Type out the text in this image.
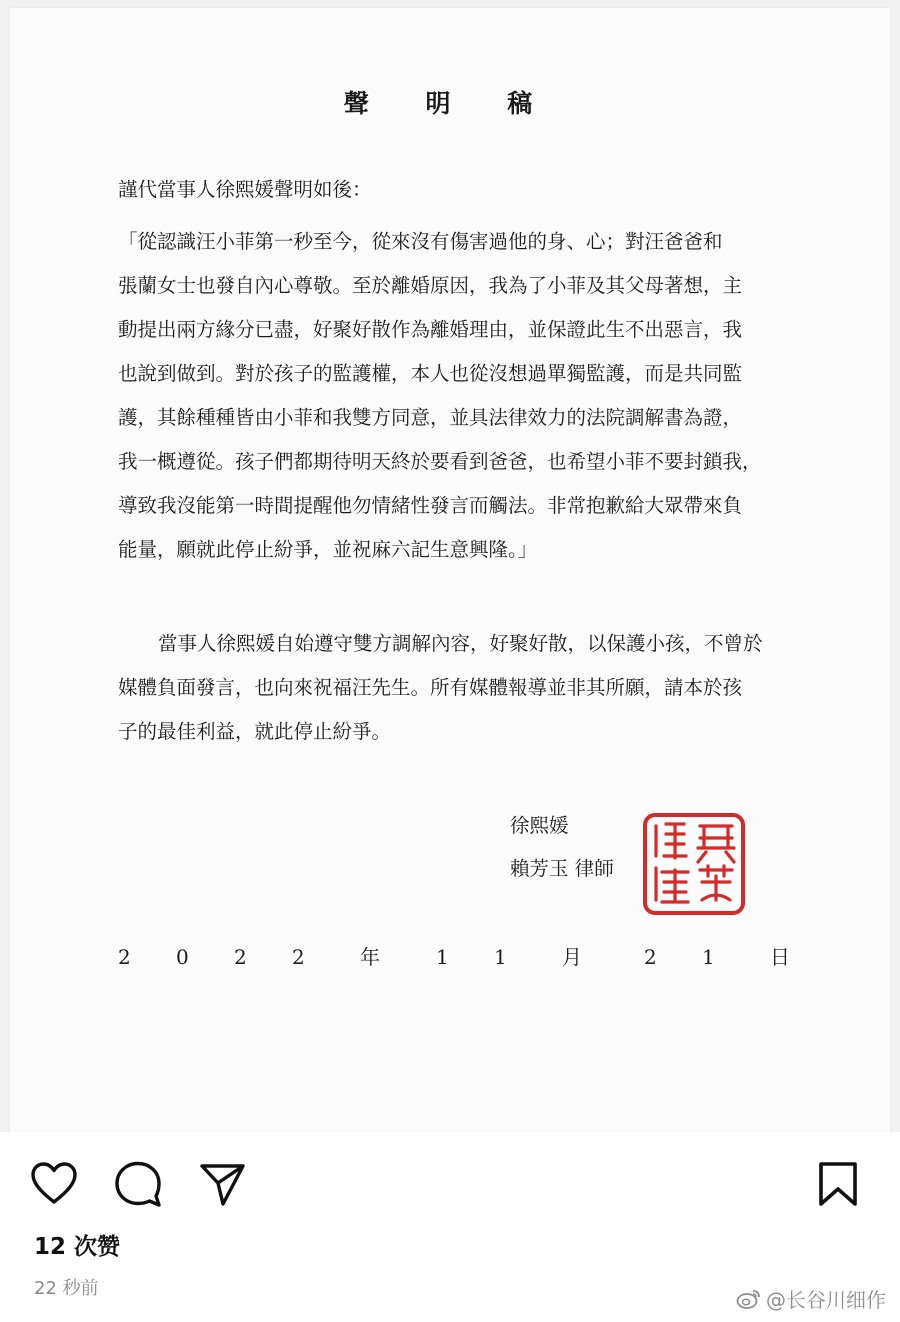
聲 明 稿
謹代當事人徐熙媛聲明如後：
「從認識汪小菲第一秒至今，從來沒有傷害過他的身、心；對汪爸爸和
張蘭女士也發自內心尊敬。至於離婚原因，我為了小菲及其父母著想，主
動提出兩方緣分已盡，好聚好散作為離婚理由，並保證此生不出惡言，我
也說到做到。對於孩子的監護權，本人也從沒想過單獨監護，而是共同監
護，其餘種種皆由小菲和我雙方同意，並具法律效力的法院調解書為證，
我一概遵從。孩子們都期待明天終於要看到爸爸，也希望小菲不要封鎖我，
導致我沒能第一時間提醒他勿情緒性發言而觸法。非常抱歉給大眾帶來負
能量，願就此停止紛爭，並祝麻六記生意興隆。」
當事人徐熙媛自始遵守雙方調解內容，好聚好散，以保護小孩，不曾於
媒體負面發言，也向來祝福汪先生。所有媒體報導並非其所願，請本於孩
子的最佳利益，就此停止紛爭。
徐熙媛
賴芳玉 律師
2 0 2 2	年	1 1	月	2 1	日
12 次赞
22 秒前	@长谷川细作
